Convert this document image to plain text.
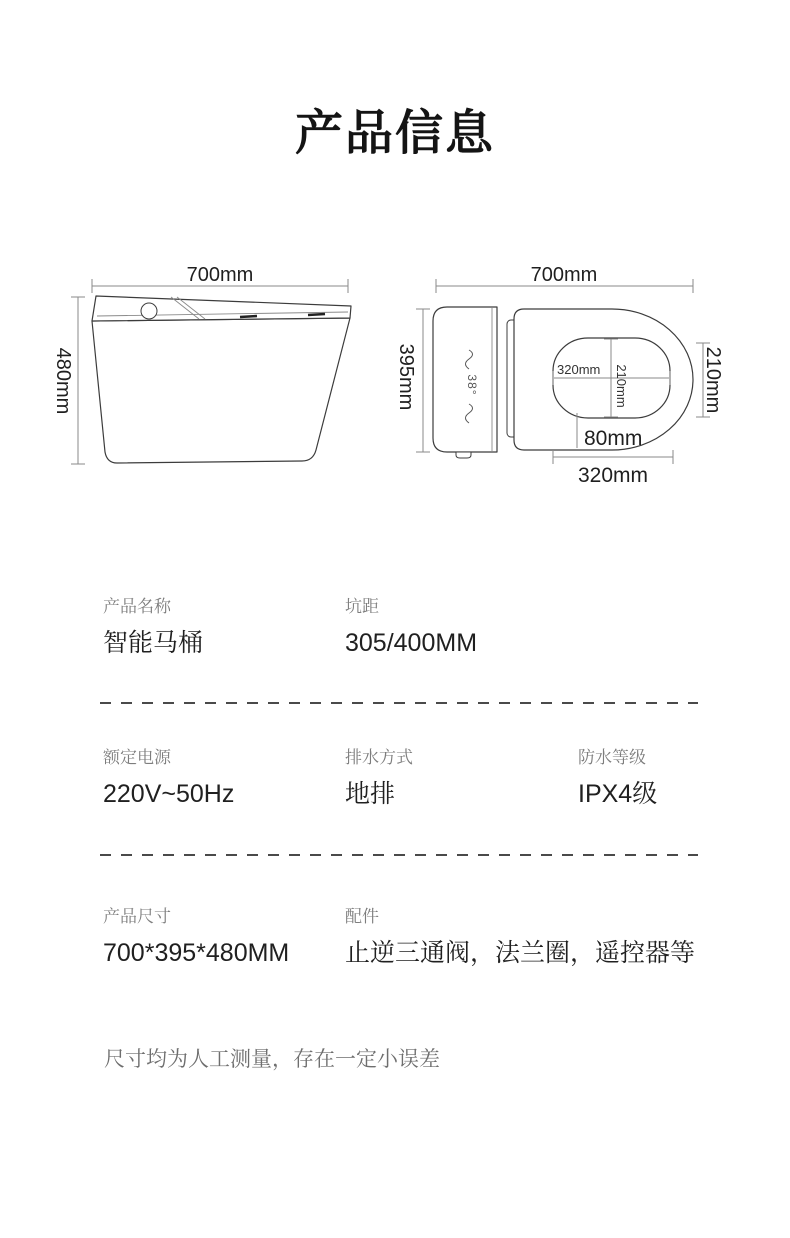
产品信息
700mm
480mm
700mm
395mm	38°
320mm 210mm
80mm
320mm
210mm

产品名称

智能马桶

坑距

305/400MM

额定电源

220V~50Hz

排水方式

地排

防水等级

IPX4级

产品尺寸

700*395*480MM

配件

止逆三通阀，法兰圈，遥控器等

尺寸均为人工测量，存在一定小误差
